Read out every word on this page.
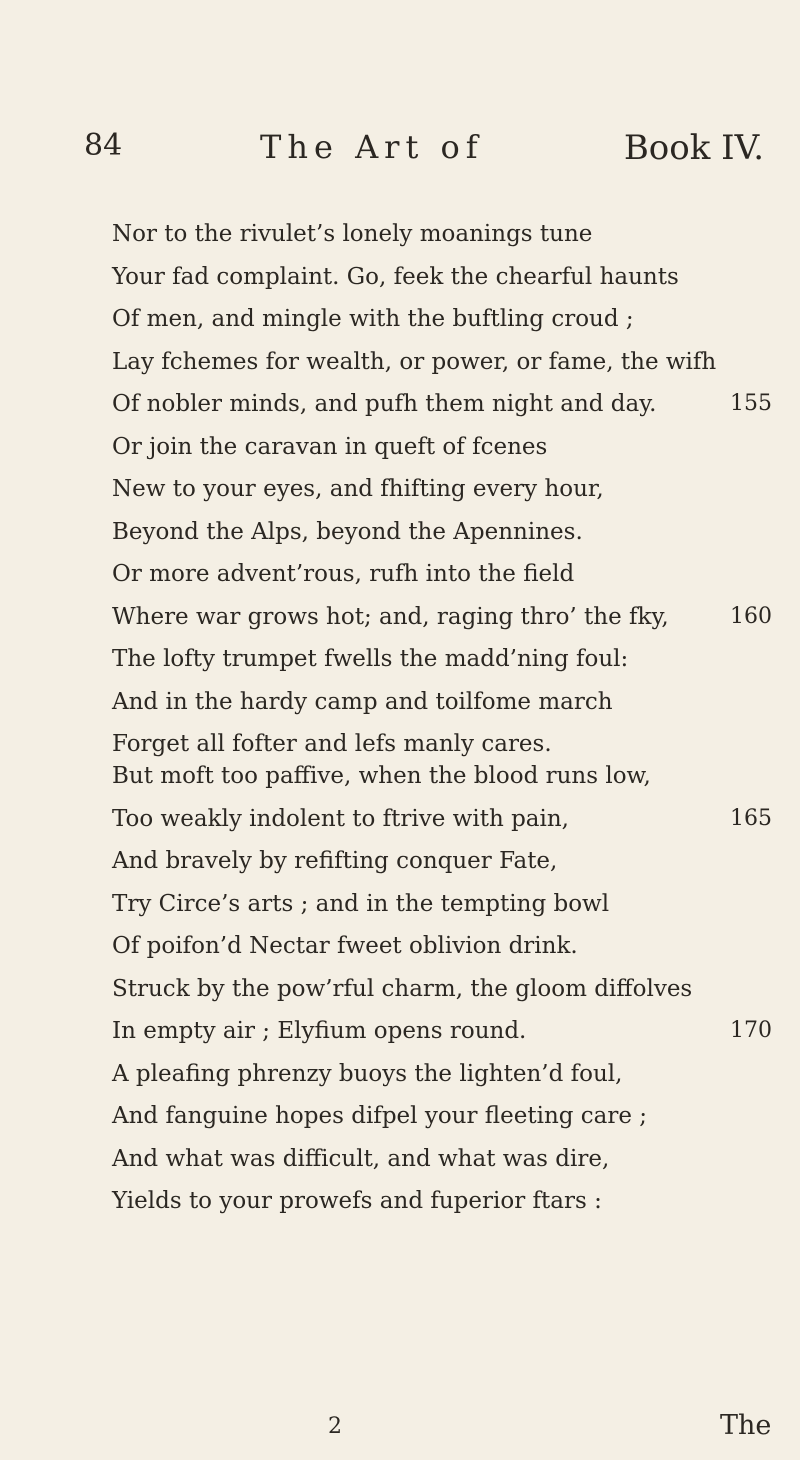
84	The Art of	Book IV.
Nor to the rivulet’s lonely moanings tune
Your fad complaint. Go, feek the chearful haunts
Of men, and mingle with the buftling croud ;
Lay fchemes for wealth, or power, or fame, the wifh
Of nobler minds, and pufh them night and day.	155
Or join the caravan in queft of fcenes
New to your eyes, and fhifting every hour,
Beyond the Alps, beyond the Apennines.
Or more advent’rous, rufh into the field
Where war grows hot; and, raging thro’ the fky,	160
The lofty trumpet fwells the madd’ning foul:
And in the hardy camp and toilfome march
Forget all fofter and lefs manly cares.
But moft too paffive, when the blood runs low,
Too weakly indolent to ftrive with pain,	165
And bravely by refifting conquer Fate,
Try Circe’s arts ; and in the tempting bowl
Of poifon’d Nectar fweet oblivion drink.
Struck by the pow’rful charm, the gloom diffolves
In empty air ; Elyfium opens round.	170
A pleafing phrenzy buoys the lighten’d foul,
And fanguine hopes difpel your fleeting care ;
And what was difficult, and what was dire,
Yields to your prowefs and fuperior ftars :
2	The
